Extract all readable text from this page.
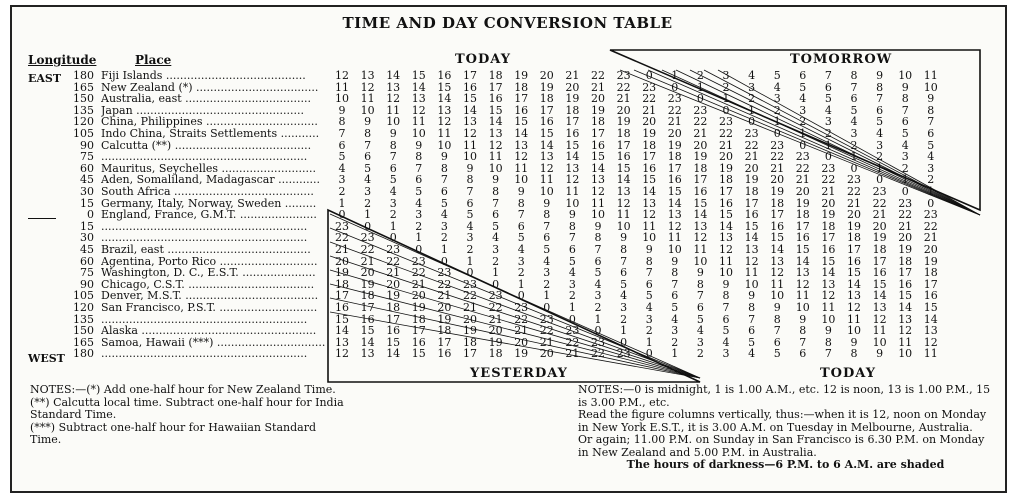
TIME AND DAY CONVERSION TABLE
Longitude	Place	TODAY	TOMORROW
YESTERDAY	TODAY
EAST
WEST
180 Fiji Islands ........................................	12	13	14	15	16	17	18	19	20	21	22	23	0	1	2	3	4	5	6	7	8	9	10	11
165 New Zealand (*) ...................................	11	12	13	14	15	16	17	18	19	20	21	22	23	0	1	2	3	4	5	6	7	8	9	10
150 Australia, east ....................................	10	11	12	13	14	15	16	17	18	19	20	21	22	23	0	1	2	3	4	5	6	7	8	9
135 Japan ................................................	9	10	11	12	13	14	15	16	17	18	19	20	21	22	23	0	1	2	3	4	5	6	7	8
120 China, Philippines ................................	8	9	10	11	12	13	14	15	16	17	18	19	20	21	22	23	0	1	2	3	4	5	6	7
105 Indo China, Straits Settlements ...........	7	8	9	10	11	12	13	14	15	16	17	18	19	20	21	22	23	0	1	2	3	4	5	6
90 Calcutta (**) .......................................	6	7	8	9	10	11	12	13	14	15	16	17	18	19	20	21	22	23	0	1	2	3	4	5
75 ...........................................................	5	6	7	8	9	10	11	12	13	14	15	16	17	18	19	20	21	22	23	0	1	2	3	4
60 Mauritus, Seychelles ...........................	4	5	6	7	8	9	10	11	12	13	14	15	16	17	18	19	20	21	22	23	0	1	2	3
45 Aden, Somaliland, Madagascar ............	3	4	5	6	7	8	9	10	11	12	13	14	15	16	17	18	19	20	21	22	23	0	1	2
30 South Africa ........................................	2	3	4	5	6	7	8	9	10	11	12	13	14	15	16	17	18	19	20	21	22	23	0	1
15 Germany, Italy, Norway, Sweden .........	1	2	3	4	5	6	7	8	9	10	11	12	13	14	15	16	17	18	19	20	21	22	23	0
0 England, France, G.M.T. ......................	0	1	2	3	4	5	6	7	8	9	10	11	12	13	14	15	16	17	18	19	20	21	22	23
15 ...........................................................	23	0	1	2	3	4	5	6	7	8	9	10	11	12	13	14	15	16	17	18	19	20	21	22
30 ...........................................................	22	23	0	1	2	3	4	5	6	7	8	9	10	11	12	13	14	15	16	17	18	19	20	21
45 Brazil, east .........................................	21	22	23	0	1	2	3	4	5	6	7	8	9	10	11	12	13	14	15	16	17	18	19	20
60 Agentina, Porto Rico ............................	20	21	22	23	0	1	2	3	4	5	6	7	8	9	10	11	12	13	14	15	16	17	18	19
75 Washington, D. C., E.S.T. .....................	19	20	21	22	23	0	1	2	3	4	5	6	7	8	9	10	11	12	13	14	15	16	17	18
90 Chicago, C.S.T. ....................................	18	19	20	21	22	23	0	1	2	3	4	5	6	7	8	9	10	11	12	13	14	15	16	17
105 Denver, M.S.T. ......................................	17	18	19	20	21	22	23	0	1	2	3	4	5	6	7	8	9	10	11	12	13	14	15	16
120 San Francisco, P.S.T. ............................	16	17	18	19	20	21	22	23	0	1	2	3	4	5	6	7	8	9	10	11	12	13	14	15
135 ...........................................................	15	16	17	18	19	20	21	22	23	0	1	2	3	4	5	6	7	8	9	10	11	12	13	14
150 Alaska ..................................................	14	15	16	17	18	19	20	21	22	23	0	1	2	3	4	5	6	7	8	9	10	11	12	13
165 Samoa, Hawaii (***) ............................... 13	14	15	16	17	18	19	20	21	22	23	0	1	2	3	4	5	6	7	8	9	10	11	12
180 ...........................................................	12	13	14	15	16	17	18	19	20	21	22	23	0	1	2	3	4	5	6	7	8	9	10	11
NOTES:—(*) Add one-half hour for New Zealand Time.
(**) Calcutta local time. Subtract one-half hour for India Standard Time.
(***) Subtract one-half hour for Hawaiian Standard Time.
NOTES:—0 is midnight, 1 is 1.00 A.M., etc. 12 is noon, 13 is 1.00 P.M., 15 is 3.00 P.M., etc.
Read the figure columns vertically, thus:—when it is 12, noon on Monday in New York E.S.T., it is 3.00 A.M. on Tuesday in Melbourne, Australia.
Or again; 11.00 P.M. on Sunday in San Francisco is 6.30 P.M. on Monday in New Zealand and 5.00 P.M. in Australia.
The hours of darkness—6 P.M. to 6 A.M. are shaded
